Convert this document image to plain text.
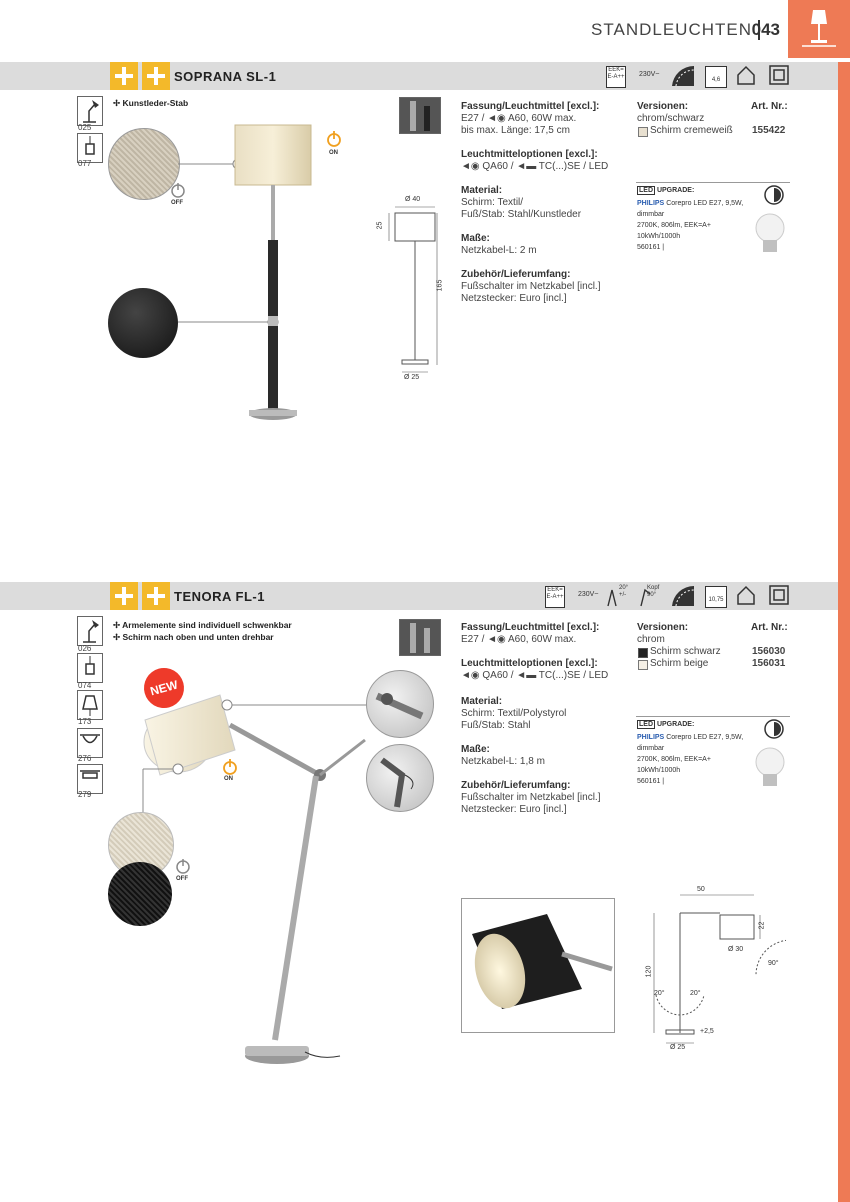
STANDLEUCHTEN 043
SOPRANA SL-1	EEK= E-A++ 230V~
4,6
025
077
✢ Kunstleder-Stab
OFF
ON
Ø 40
25
165
Ø 25
Fassung/Leuchtmittel [excl.]:
E27 / ◄◉ A60, 60W max.
bis max. Länge: 17,5 cm
Leuchtmitteloptionen [excl.]:
◄◉ QA60 / ◄▬ TC(...)SE / LED
Material:
Schirm: Textil/
Fuß/Stab: Stahl/Kunstleder
Maße:
Netzkabel-L: 2 m
Zubehör/Lieferumfang:
Fußschalter im Netzkabel [incl.]
Netzstecker: Euro [incl.]
Versionen:	Art. Nr.:
chrom/schwarz
Schirm cremeweiß 155422
LED UPGRADE:
PHILIPS Corepro LED E27, 9,5W,
dimmbar
2700K, 806lm, EEK=A+
10kWh/1000h
560161 |
TENORA FL-1	EEK= E-A++ 230V~
20° +/-
Kopf 90°
10,75
026
074
173
276
279
✢ Armelemente sind individuell schwenkbar
✢ Schirm nach oben und unten drehbar
NEW
ON
OFF
Fassung/Leuchtmittel [excl.]:
E27 / ◄◉ A60, 60W max.
Leuchtmitteloptionen [excl.]:
◄◉ QA60 / ◄▬ TC(...)SE / LED
Material:
Schirm: Textil/Polystyrol
Fuß/Stab: Stahl
Maße:
Netzkabel-L: 1,8 m
Zubehör/Lieferumfang:
Fußschalter im Netzkabel [incl.]
Netzstecker: Euro [incl.]
Versionen:	Art. Nr.:
chrom
Schirm schwarz	156030
Schirm beige	156031
LED UPGRADE:
PHILIPS Corepro LED E27, 9,5W,
dimmbar
2700K, 806lm, EEK=A+
10kWh/1000h
560161 |
50
22
Ø 30
120
90°
20°	20°
+2,5
Ø 25
